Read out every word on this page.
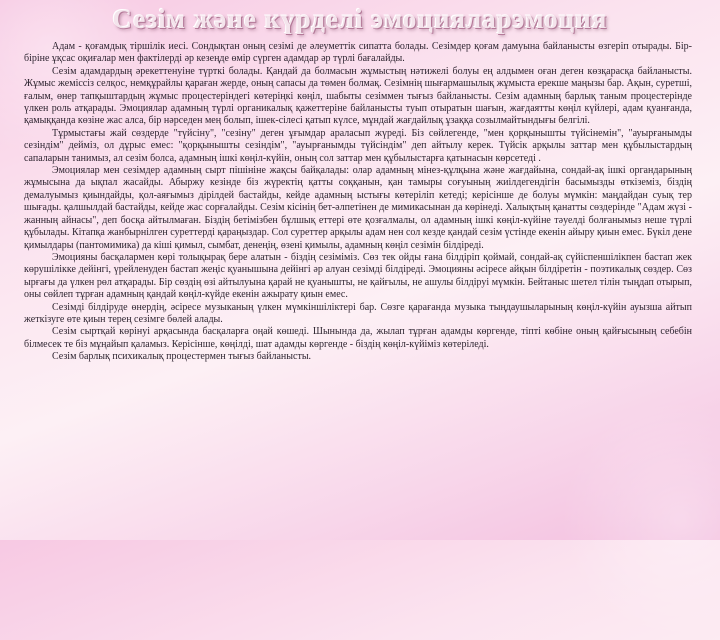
Сезім және күрделі эмоцияларэмоция

Адам - қоғамдық тіршілік иесі. Сондықтан оның сезімі де әлеуметтік сипатта болады. Сезімдер қоғам дамуына байланысты өзгеріп отырады. Бір-біріне ұқсас оқиғалар мен фактілерді әр кезеңде өмір сүрген адамдар әр түрлі бағалайды.

Сезім адамдардың әрекеттенуіне түрткі болады. Қандай да болмасын жұмыстың нәтижелі болуы ең алдымен оған деген көзқарасқа байланысты. Жұмыс жеміссіз селқос, немқұрайлы қараған жерде, оның сапасы да төмен болмақ. Сезімнің шығармашылық жұмыста ерекше маңызы бар. Ақын, суретші, ғалым, өнер тапқыштардың жұмыс процестеріндегі көтеріңкі көңіл, шабыты сезіммен тығыз байланысты. Сезім адамның барлық таным процестерінде үлкен роль атқарады. Эмоциялар адамның түрлі органикалық қажеттеріне байланысты туып отыратын шағын, жағдаятты көңіл күйлері, адам қуанғанда, қамыққанда көзіне жас алса, бір нәрседен мең болып, ішек-сілесі қатып күлсе, мұндай жағдайлық ұзаққа созылмайтындығы белгілі.

Тұрмыстағы жай сөздерде "түйсіну", "сезіну" деген ұғымдар араласып жүреді. Біз сөйлегенде, "мен қорқынышты түйсінемін", "ауырғанымды сезіндім" дейміз, ол дұрыс емес: "қорқынышты сезіндім", "ауырғанымды түйсіндім" деп айтылу керек. Түйсік арқылы заттар мен құбылыстардың сапаларын танимыз, ал сезім болса, адамның ішкі көңіл-күйін, оның сол заттар мен құбылыстарға қатынасын көрсетеді .

Эмоциялар мен сезімдер адамның сырт пішініне жақсы байқалады: олар адамның мінез-құлқына және жағдайына, сондай-ақ ішкі органдарының жұмысына да ықпал жасайды. Абыржу кезінде біз жүректің қатты соққанын, қан тамыры соғуының жиілдегендігін басымызды өткіземіз, біздің демалуымыз қиындайды, қол-аяғымыз дірілдей бастайды, кейде адамның ыстығы көтеріліп кетеді; керісінше де болуы мүмкін: маңдайдан суық тер шығады. қалшылдай бастайды, кейде жас сорғалайды. Сезім кісінің бет-әлпетінен де мимикасынан да көрінеді. Халықтың қанатты сөздерінде "Адам жүзі - жанның айнасы", деп босқа айтылмаған. Біздің бетімізбен бұлшық еттері өте қозғалмалы, ол адамның ішкі көңіл-күйіне тәуелді болғанымыз неше түрлі құбылады. Кітапқа жанбырнілген суреттерді қараңыздар. Сол суреттер арқылы адам нен сол кезде қандай сезім үстінде екенін айыру қиын емес. Бүкіл дене қимылдары (пантомимика) да кіші қимыл, сымбат, денеңің, өзені қимылы, адамның көңіл сезімін білдіреді.

Эмоцияны басқалармен көрі толықырақ бере алатын - біздің сезіміміз. Сөз тек ойды ғана білдіріп қоймай, сондай-ақ сүйіспеншілікпен бастап жек көрушілікке дейінгі, үрейленуден бастап жеңіс қуанышына дейінгі әр алуан сезімді білдіреді. Эмоцияны әсіресе айқын білдіретін - поэтикалық сөздер. Сөз ырғағы да үлкен рөл атқарады. Бір сөздің өзі айтылуына қарай не қуанышты, не қайғылы, не ашулы білдіруі мүмкін. Бейтаныс шетел тілін тыңдап отырып, оны сөйлеп тұрған адамның қандай көңіл-күйде екенін ажырату қиын емес.

Сезімді білдіруде өнердің, әсіресе музыканың үлкен мүмкіншіліктері бар. Сөзге қарағанда музыка тыңдаушыларының көңіл-күйін ауызша айтып жеткізуге өте қиын терең сезімге бөлей алады.

Сезім сыртқай көрінуі арқасында басқаларға оңай көшеді. Шынында да, жылап тұрған адамды көргенде, тіпті көбіне оның қайғысының себебін білмесек те біз мұңайып қаламыз. Керісінше, көңілді, шат адамды көргенде - біздің көңіл-күйіміз көтеріледі.

Сезім барлық психикалық процестермен тығыз байланысты.
